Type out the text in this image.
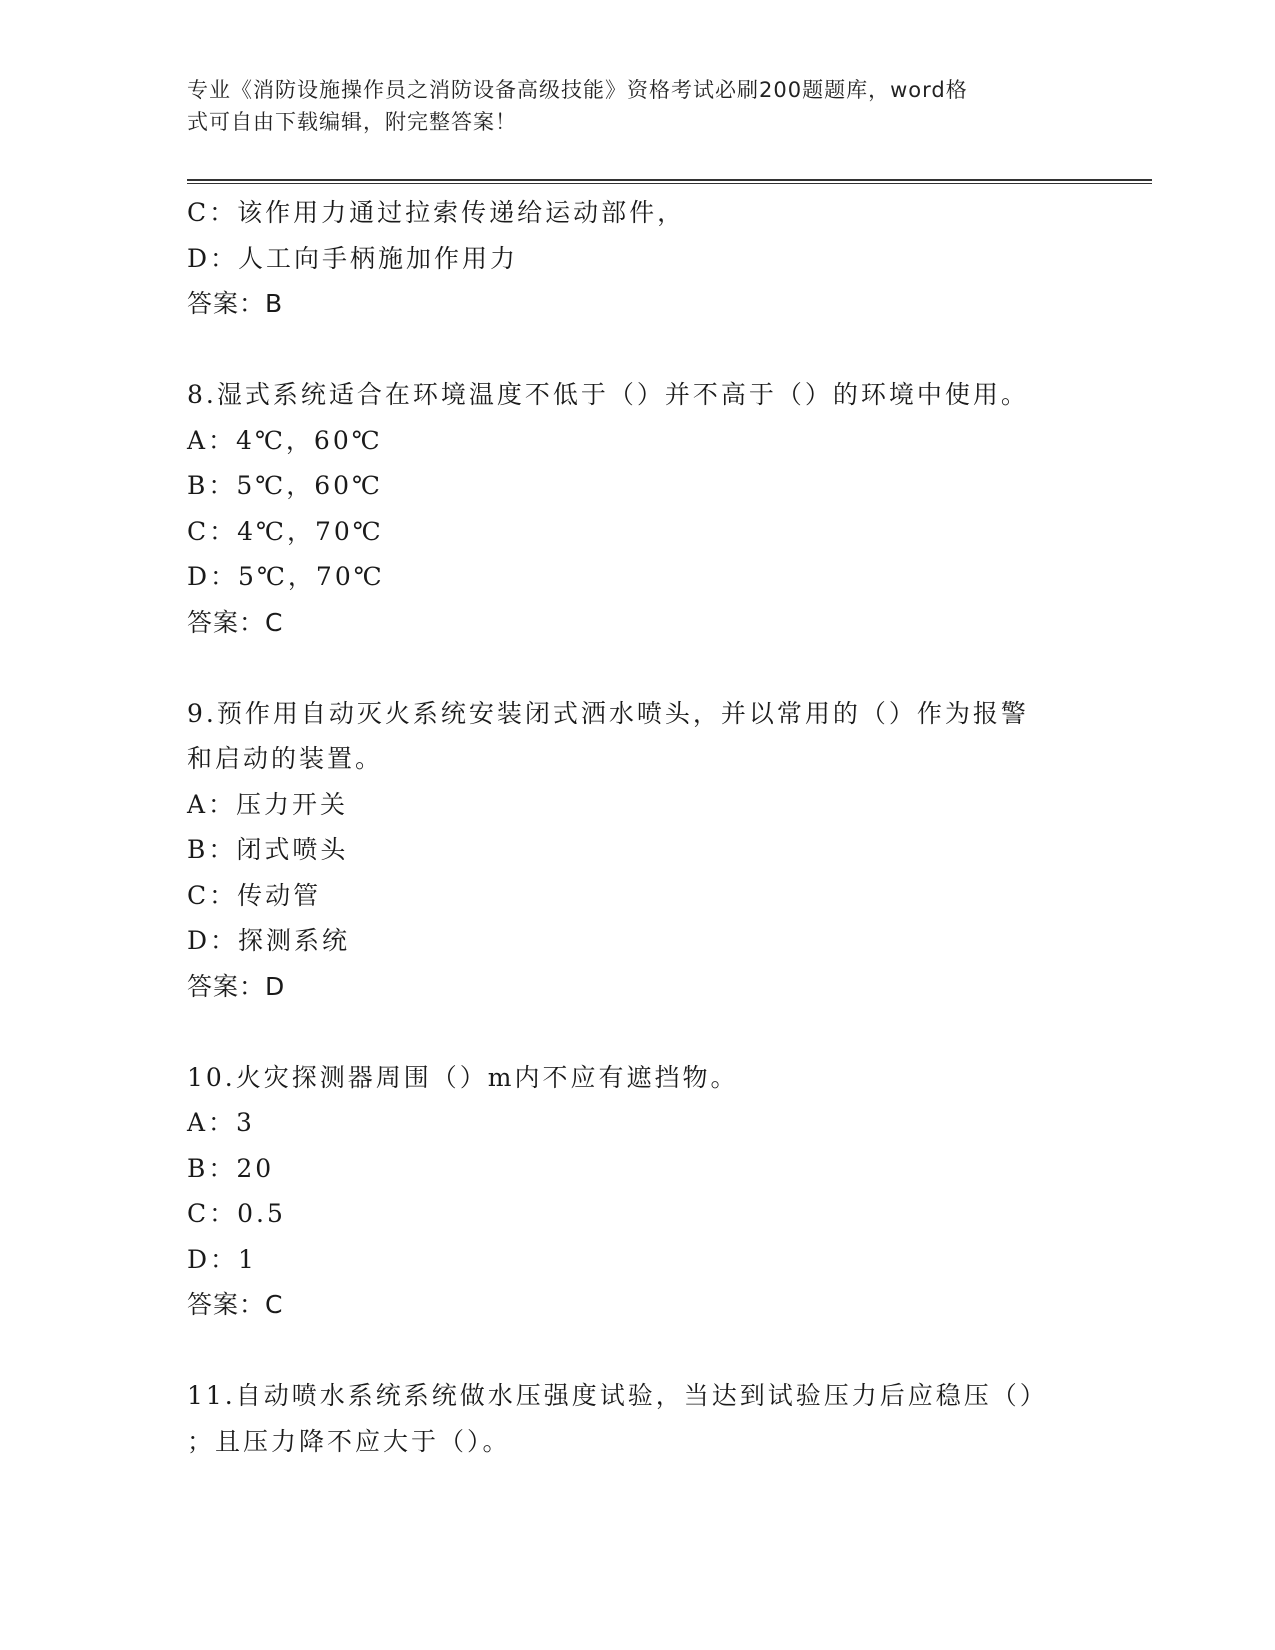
专业《消防设施操作员之消防设备高级技能》资格考试必刷200题题库，word格
式可自由下载编辑，附完整答案！
C：该作用力通过拉索传递给运动部件，
D：人工向手柄施加作用力
答案：B
8.湿式系统适合在环境温度不低于（）并不高于（）的环境中使用。
A：4℃，60℃
B：5℃，60℃
C：4℃，70℃
D：5℃，70℃
答案：C
9.预作用自动灭火系统安装闭式洒水喷头，并以常用的（）作为报警
和启动的装置。
A：压力开关
B：闭式喷头
C：传动管
D：探测系统
答案：D
10.火灾探测器周围（）m内不应有遮挡物。
A：3
B：20
C：0.5
D：1
答案：C
11.自动喷水系统系统做水压强度试验，当达到试验压力后应稳压（）
；且压力降不应大于（）。
